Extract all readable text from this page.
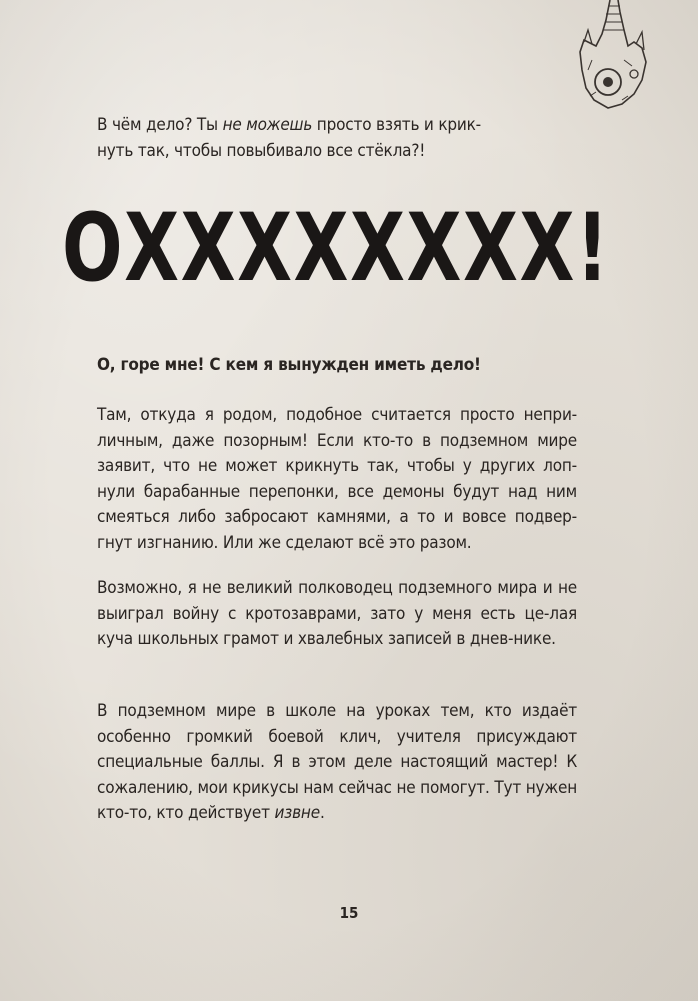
В чём дело? Ты не можешь просто взять и крик-
нуть так, чтобы повыбивало все стёкла?!

ОХХХХХХХХ!

О, горе мне! С кем я вынужден иметь дело!

Там, откуда я родом, подобное считается просто непри-личным, даже позорным! Если кто-то в подземном мире заявит, что не может крикнуть так, чтобы у других лоп-нули барабанные перепонки, все демоны будут над ним смеяться либо забросают камнями, а то и вовсе подвер-гнут изгнанию. Или же сделают всё это разом.

Возможно, я не великий полководец подземного мира и не выиграл войну с кротозаврами, зато у меня есть це-лая куча школьных грамот и хвалебных записей в днев-нике.

В подземном мире в школе на уроках тем, кто издаёт особенно громкий боевой клич, учителя присуждают специальные баллы. Я в этом деле настоящий мастер! К сожалению, мои крикусы нам сейчас не помогут. Тут нужен кто-то, кто действует извне.

15
